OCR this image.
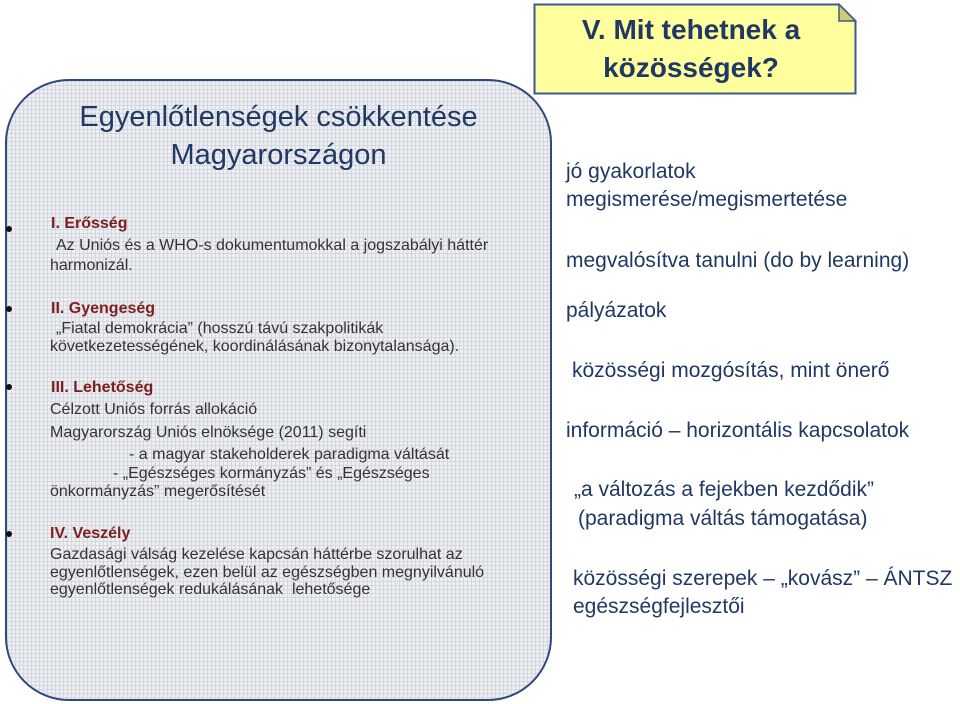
Egyenlőtlenségek csökkentése
Magyarországon
I. Erősség
Az Uniós és a WHO-s dokumentumokkal a jogszabályi háttér
harmonizál.
II. Gyengeség
„Fiatal demokrácia” (hosszú távú szakpolitikák
következetességének, koordinálásának bizonytalansága).
III. Lehetőség
Célzott Uniós forrás allokáció
Magyarország Uniós elnöksége (2011) segíti
- a magyar stakeholderek paradigma váltását
- „Egészséges kormányzás” és „Egészséges
önkormányzás” megerősítését
IV. Veszély
Gazdasági válság kezelése kapcsán háttérbe szorulhat az
egyenlőtlenségek, ezen belül az egészségben megnyilvánuló
egyenlőtlenségek redukálásának  lehetősége
V. Mit tehetnek a
közösségek?
jó gyakorlatok
megismerése/megismertetése
megvalósítva tanulni (do by learning)
pályázatok
közösségi mozgósítás, mint önerő
információ – horizontális kapcsolatok
„a változás a fejekben kezdődik”
(paradigma váltás támogatása)
közösségi szerepek – „kovász” – ÁNTSZ
egészségfejlesztői
